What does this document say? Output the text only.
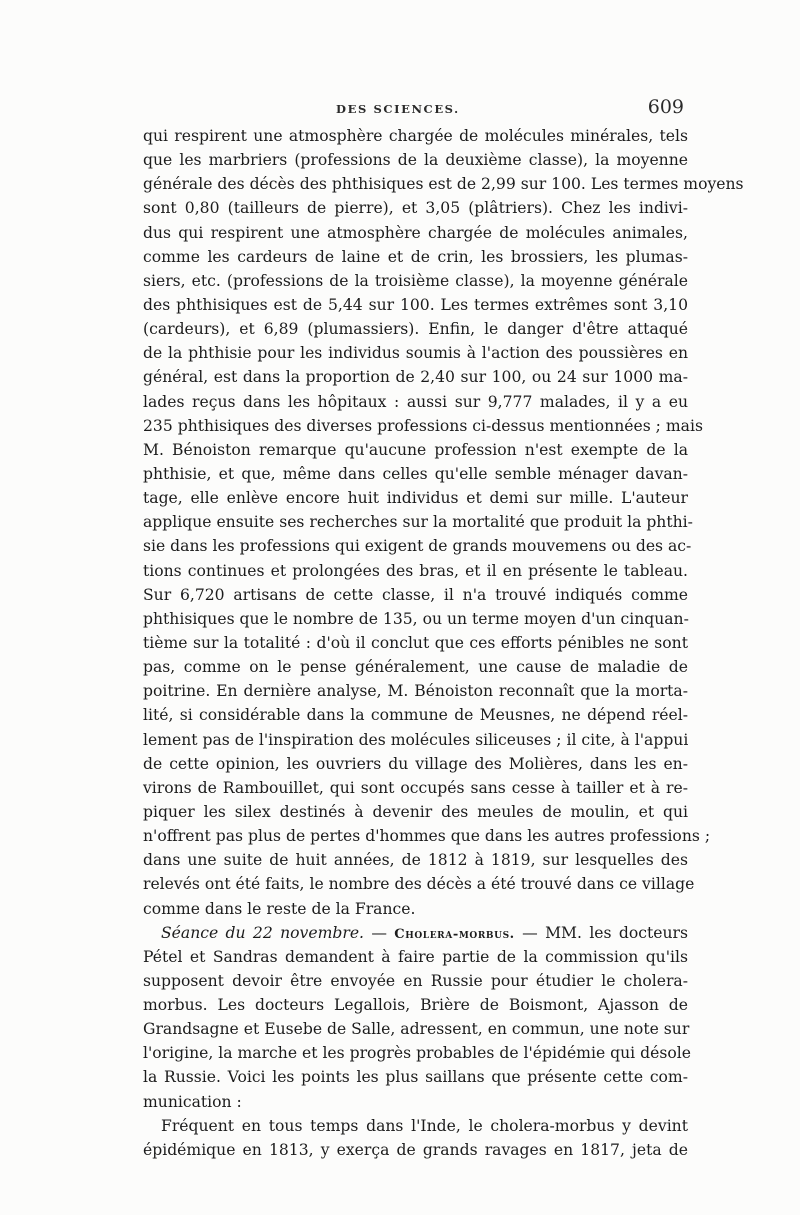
DES SCIENCES.	609
qui respirent une atmosphère chargée de molécules minérales, tels
que les marbriers (professions de la deuxième classe), la moyenne
générale des décès des phthisiques est de 2,99 sur 100. Les termes moyens
sont 0,80 (tailleurs de pierre), et 3,05 (plâtriers). Chez les indivi-
dus qui respirent une atmosphère chargée de molécules animales,
comme les cardeurs de laine et de crin, les brossiers, les plumas-
siers, etc. (professions de la troisième classe), la moyenne générale
des phthisiques est de 5,44 sur 100. Les termes extrêmes sont 3,10
(cardeurs), et 6,89 (plumassiers). Enfin, le danger d'être attaqué
de la phthisie pour les individus soumis à l'action des poussières en
général, est dans la proportion de 2,40 sur 100, ou 24 sur 1000 ma-
lades reçus dans les hôpitaux : aussi sur 9,777 malades, il y a eu
235 phthisiques des diverses professions ci-dessus mentionnées ; mais
M. Bénoiston remarque qu'aucune profession n'est exempte de la
phthisie, et que, même dans celles qu'elle semble ménager davan-
tage, elle enlève encore huit individus et demi sur mille. L'auteur
applique ensuite ses recherches sur la mortalité que produit la phthi-
sie dans les professions qui exigent de grands mouvemens ou des ac-
tions continues et prolongées des bras, et il en présente le tableau.
Sur 6,720 artisans de cette classe, il n'a trouvé indiqués comme
phthisiques que le nombre de 135, ou un terme moyen d'un cinquan-
tième sur la totalité : d'où il conclut que ces efforts pénibles ne sont
pas, comme on le pense généralement, une cause de maladie de
poitrine. En dernière analyse, M. Bénoiston reconnaît que la morta-
lité, si considérable dans la commune de Meusnes, ne dépend réel-
lement pas de l'inspiration des molécules siliceuses ; il cite, à l'appui
de cette opinion, les ouvriers du village des Molières, dans les en-
virons de Rambouillet, qui sont occupés sans cesse à tailler et à re-
piquer les silex destinés à devenir des meules de moulin, et qui
n'offrent pas plus de pertes d'hommes que dans les autres professions ;
dans une suite de huit années, de 1812 à 1819, sur lesquelles des
relevés ont été faits, le nombre des décès a été trouvé dans ce village
comme dans le reste de la France.
Séance du 22 novembre. — Cholera-morbus. — MM. les docteurs
Pétel et Sandras demandent à faire partie de la commission qu'ils
supposent devoir être envoyée en Russie pour étudier le cholera-
morbus. Les docteurs Legallois, Brière de Boismont, Ajasson de
Grandsagne et Eusebe de Salle, adressent, en commun, une note sur
l'origine, la marche et les progrès probables de l'épidémie qui désole
la Russie. Voici les points les plus saillans que présente cette com-
munication :
Fréquent en tous temps dans l'Inde, le cholera-morbus y devint
épidémique en 1813, y exerça de grands ravages en 1817, jeta de
